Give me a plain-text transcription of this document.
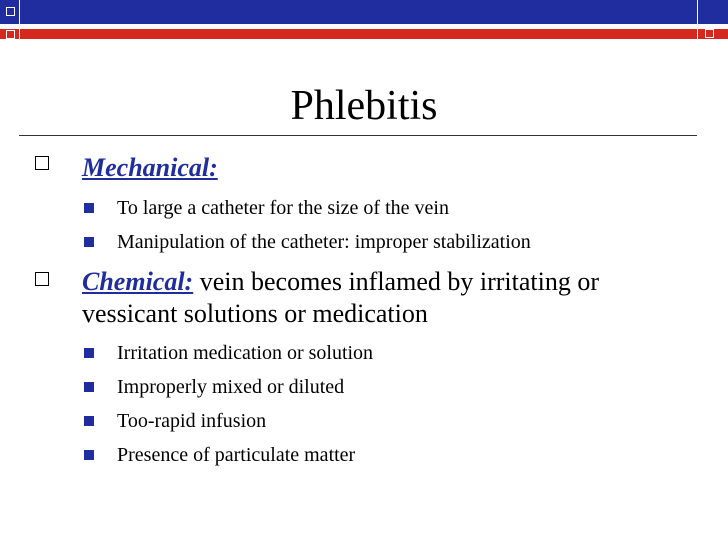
Phlebitis
Mechanical:
To large a catheter for the size of the vein
Manipulation of the catheter: improper stabilization
Chemical: vein becomes inflamed by irritating or
vessicant solutions or medication
Irritation medication or solution
Improperly mixed or diluted
Too-rapid infusion
Presence of particulate matter
